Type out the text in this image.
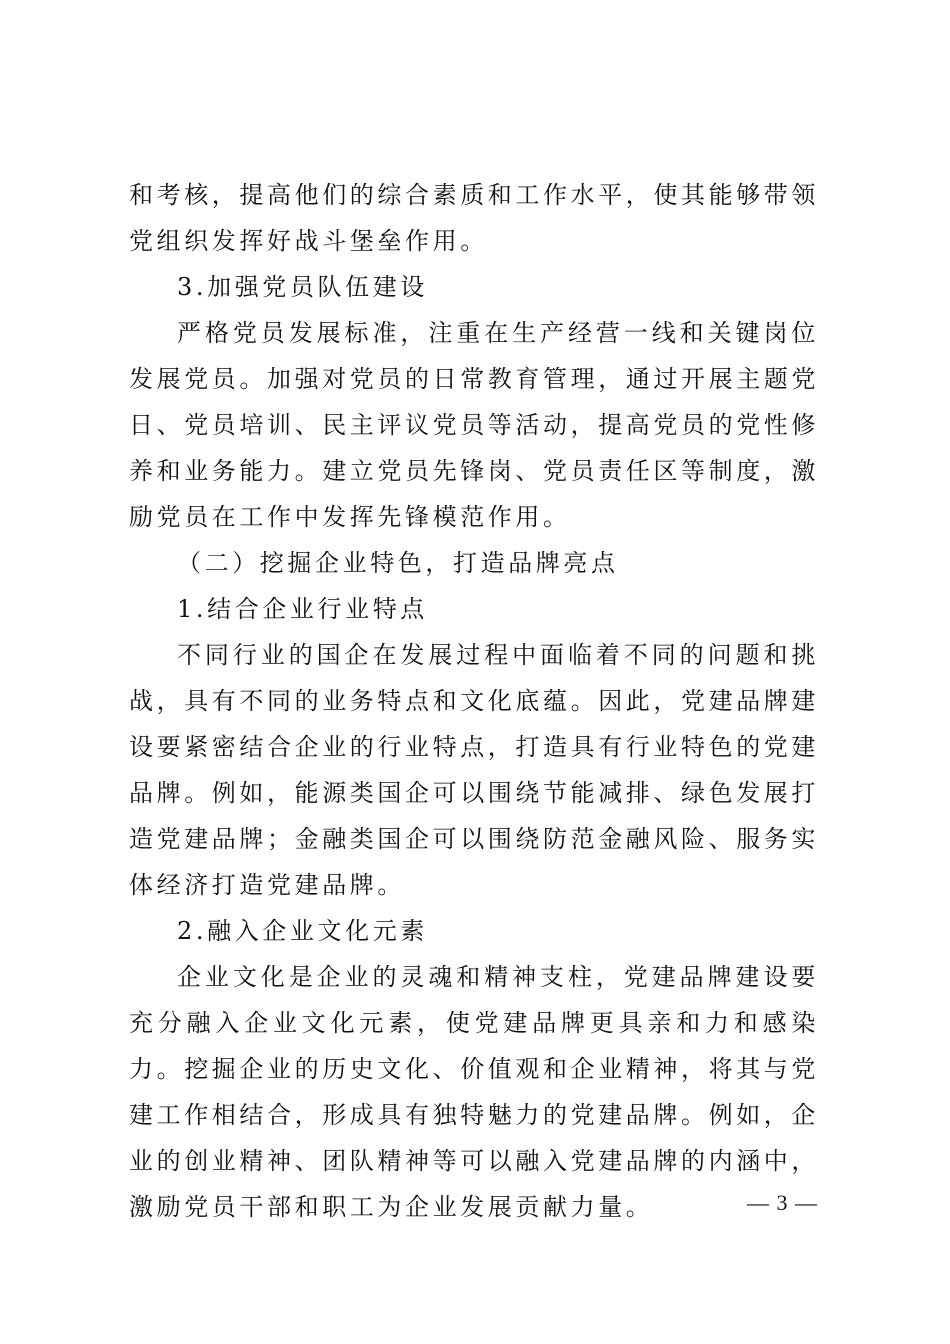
和考核，提高他们的综合素质和工作水平，使其能够带领党组织发挥好战斗堡垒作用。

3.加强党员队伍建设

严格党员发展标准，注重在生产经营一线和关键岗位发展党员。加强对党员的日常教育管理，通过开展主题党日、党员培训、民主评议党员等活动，提高党员的党性修养和业务能力。建立党员先锋岗、党员责任区等制度，激励党员在工作中发挥先锋模范作用。

（二）挖掘企业特色，打造品牌亮点

1.结合企业行业特点

不同行业的国企在发展过程中面临着不同的问题和挑战，具有不同的业务特点和文化底蕴。因此，党建品牌建设要紧密结合企业的行业特点，打造具有行业特色的党建品牌。例如，能源类国企可以围绕节能减排、绿色发展打造党建品牌；金融类国企可以围绕防范金融风险、服务实体经济打造党建品牌。

2.融入企业文化元素

企业文化是企业的灵魂和精神支柱，党建品牌建设要充分融入企业文化元素，使党建品牌更具亲和力和感染力。挖掘企业的历史文化、价值观和企业精神，将其与党建工作相结合，形成具有独特魅力的党建品牌。例如，企业的创业精神、团队精神等可以融入党建品牌的内涵中，激励党员干部和职工为企业发展贡献力量。	— 3 —
